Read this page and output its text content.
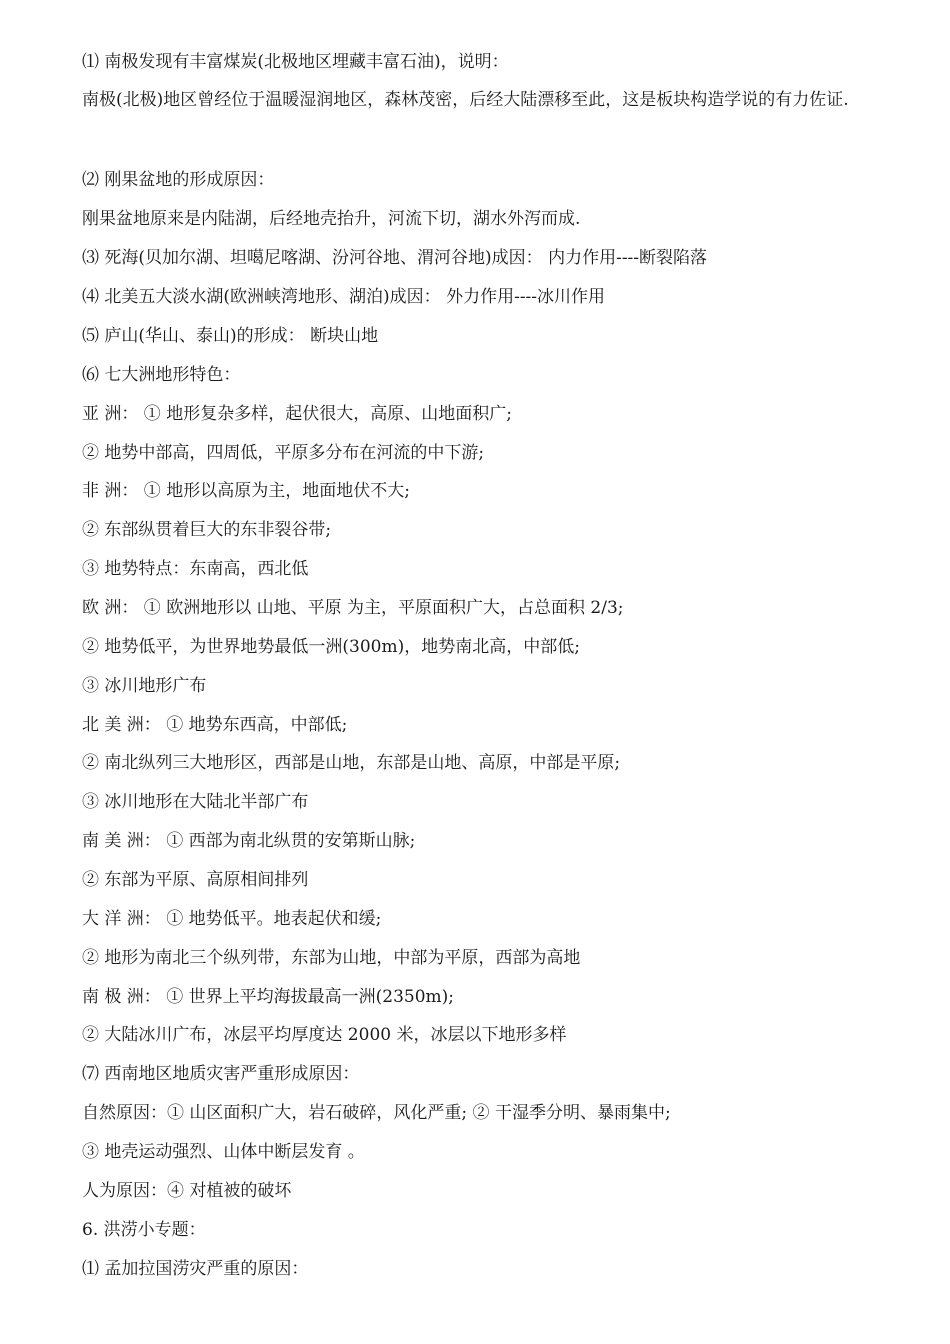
⑴ 南极发现有丰富煤炭(北极地区埋藏丰富石油)，说明：
南极(北极)地区曾经位于温暖湿润地区，森林茂密，后经大陆漂移至此，这是板块构造学说的有力佐证.
⑵ 刚果盆地的形成原因：
刚果盆地原来是内陆湖，后经地壳抬升，河流下切，湖水外泻而成.
⑶ 死海(贝加尔湖、坦噶尼喀湖、汾河谷地、渭河谷地)成因： 内力作用----断裂陷落
⑷ 北美五大淡水湖(欧洲峡湾地形、湖泊)成因： 外力作用----冰川作用
⑸ 庐山(华山、泰山)的形成： 断块山地
⑹ 七大洲地形特色：
亚 洲： ① 地形复杂多样，起伏很大，高原、山地面积广;
② 地势中部高，四周低，平原多分布在河流的中下游;
非 洲： ① 地形以高原为主，地面地伏不大;
② 东部纵贯着巨大的东非裂谷带;
③ 地势特点：东南高，西北低
欧 洲： ① 欧洲地形以 山地、平原 为主，平原面积广大，占总面积 2/3;
② 地势低平，为世界地势最低一洲(300m)，地势南北高，中部低;
③ 冰川地形广布
北 美 洲： ① 地势东西高，中部低;
② 南北纵列三大地形区，西部是山地，东部是山地、高原，中部是平原;
③ 冰川地形在大陆北半部广布
南 美 洲： ① 西部为南北纵贯的安第斯山脉;
② 东部为平原、高原相间排列
大 洋 洲： ① 地势低平。地表起伏和缓;
② 地形为南北三个纵列带，东部为山地，中部为平原，西部为高地
南 极 洲： ① 世界上平均海拔最高一洲(2350m);
② 大陆冰川广布，冰层平均厚度达 2000 米，冰层以下地形多样
⑺ 西南地区地质灾害严重形成原因：
自然原因：① 山区面积广大，岩石破碎，风化严重; ② 干湿季分明、暴雨集中;
③ 地壳运动强烈、山体中断层发育 。
人为原因：④ 对植被的破坏
6. 洪涝小专题：
⑴ 孟加拉国涝灾严重的原因：
